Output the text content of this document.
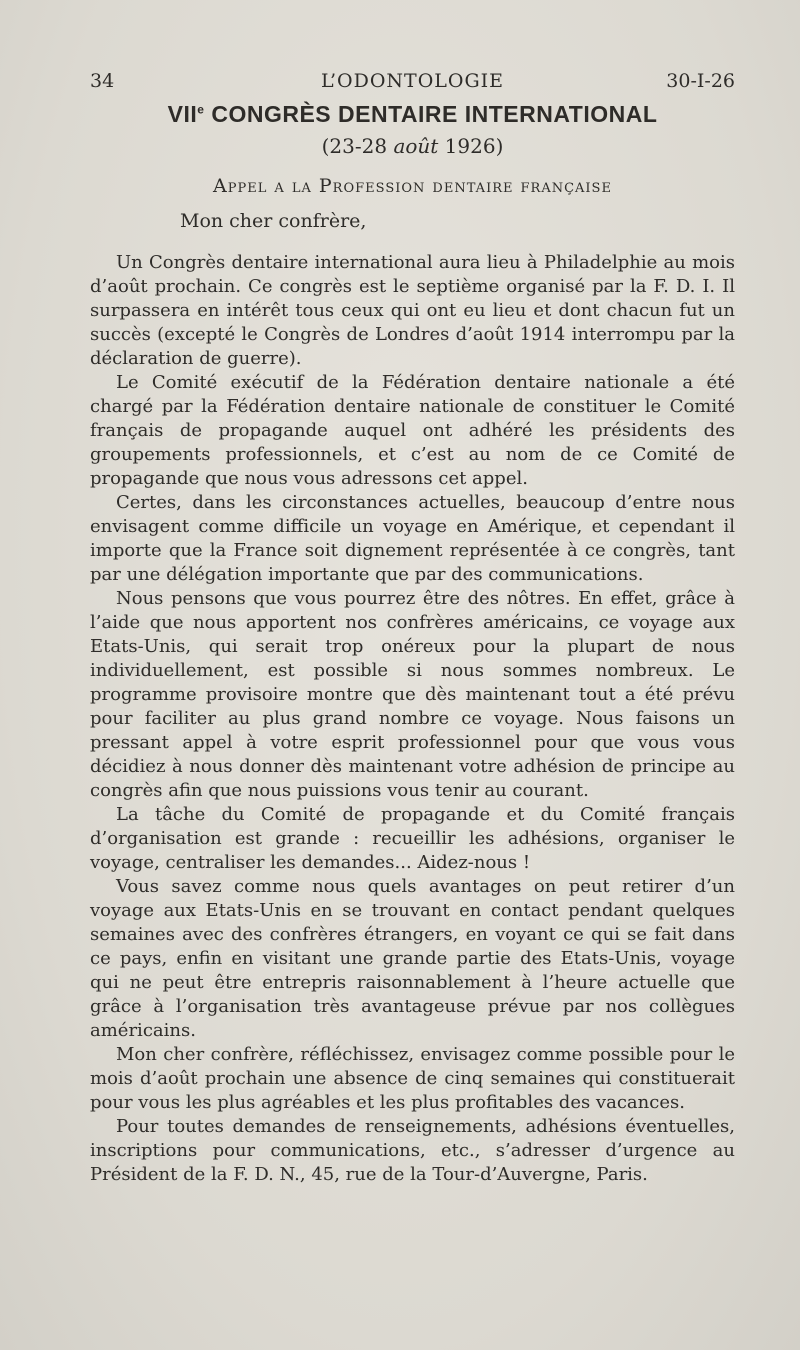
34	L’ODONTOLOGIE	30-I-26
VIIe CONGRÈS DENTAIRE INTERNATIONAL
(23-28 août 1926)
Appel a la Profession dentaire française
Mon cher confrère,

Un Congrès dentaire international aura lieu à Philadelphie au mois d’août prochain. Ce congrès est le septième organisé par la F. D. I. Il surpassera en intérêt tous ceux qui ont eu lieu et dont chacun fut un succès (excepté le Congrès de Londres d’août 1914 interrompu par la déclaration de guerre).

Le Comité exécutif de la Fédération dentaire nationale a été chargé par la Fédération dentaire nationale de constituer le Comité français de propagande auquel ont adhéré les présidents des groupements professionnels, et c’est au nom de ce Comité de propagande que nous vous adressons cet appel.

Certes, dans les circonstances actuelles, beaucoup d’entre nous envisagent comme difficile un voyage en Amérique, et cependant il importe que la France soit dignement représentée à ce congrès, tant par une délégation importante que par des communications.

Nous pensons que vous pourrez être des nôtres. En effet, grâce à l’aide que nous apportent nos confrères américains, ce voyage aux Etats-Unis, qui serait trop onéreux pour la plupart de nous individuellement, est possible si nous sommes nombreux. Le programme provisoire montre que dès maintenant tout a été prévu pour faciliter au plus grand nombre ce voyage. Nous faisons un pressant appel à votre esprit professionnel pour que vous vous décidiez à nous donner dès maintenant votre adhésion de principe au congrès afin que nous puissions vous tenir au courant.

La tâche du Comité de propagande et du Comité français d’organisation est grande : recueillir les adhésions, organiser le voyage, centraliser les demandes... Aidez-nous !

Vous savez comme nous quels avantages on peut retirer d’un voyage aux Etats-Unis en se trouvant en contact pendant quelques semaines avec des confrères étrangers, en voyant ce qui se fait dans ce pays, enfin en visitant une grande partie des Etats-Unis, voyage qui ne peut être entrepris raisonnablement à l’heure actuelle que grâce à l’organisation très avantageuse prévue par nos collègues américains.

Mon cher confrère, réfléchissez, envisagez comme possible pour le mois d’août prochain une absence de cinq semaines qui constituerait pour vous les plus agréables et les plus profitables des vacances.

Pour toutes demandes de renseignements, adhésions éventuelles, inscriptions pour communications, etc., s’adresser d’urgence au Président de la F. D. N., 45, rue de la Tour-d’Auvergne, Paris.
